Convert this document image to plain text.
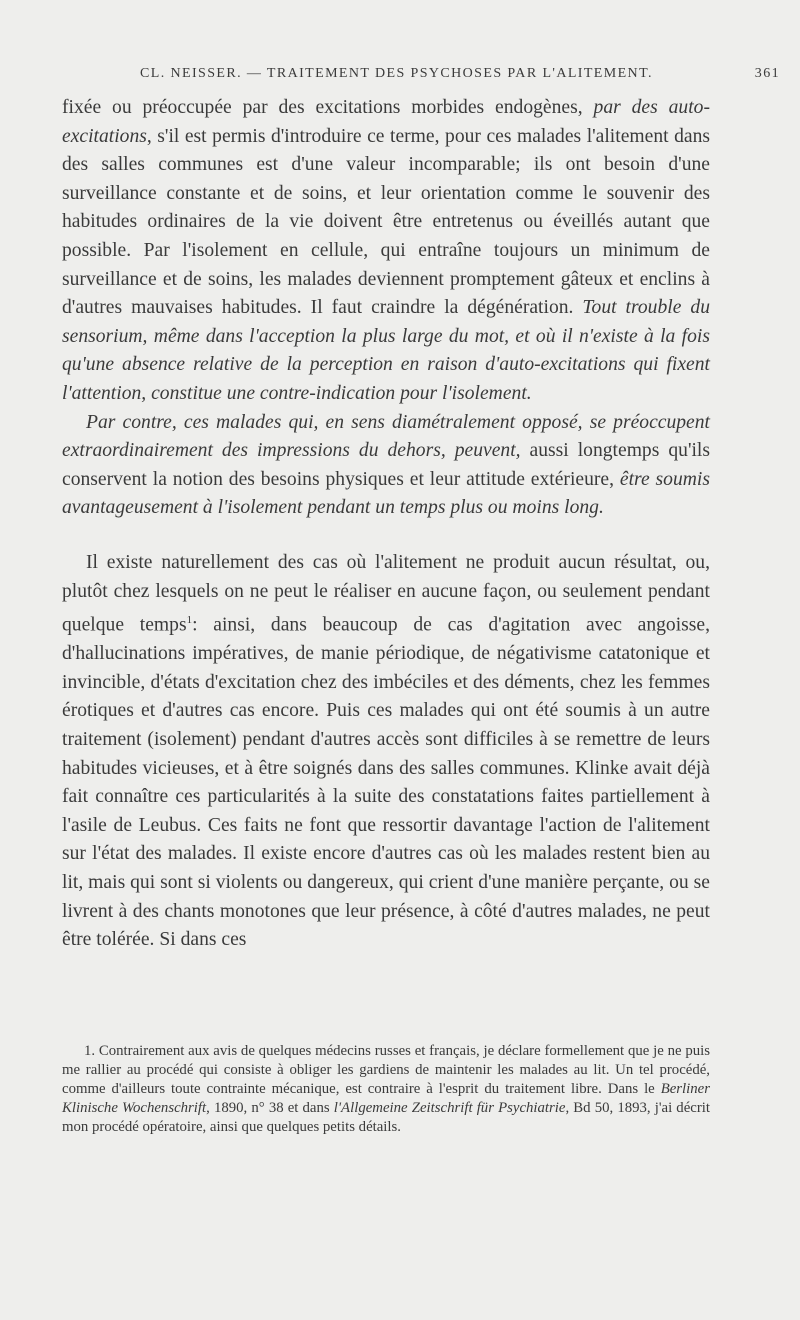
CL. NEISSER. — TRAITEMENT DES PSYCHOSES PAR L'ALITEMENT.	361

fixée ou préoccupée par des excitations morbides endogènes, par des auto-excitations, s'il est permis d'introduire ce terme, pour ces malades l'alitement dans des salles communes est d'une valeur incomparable; ils ont besoin d'une surveillance constante et de soins, et leur orientation comme le souvenir des habitudes ordinaires de la vie doivent être entretenus ou éveillés autant que possible. Par l'isolement en cellule, qui entraîne toujours un minimum de surveillance et de soins, les malades deviennent promptement gâteux et enclins à d'autres mauvaises habitudes. Il faut craindre la dégénération. Tout trouble du sensorium, même dans l'acception la plus large du mot, et où il n'existe à la fois qu'une absence relative de la perception en raison d'auto-excitations qui fixent l'attention, constitue une contre-indication pour l'isolement.

Par contre, ces malades qui, en sens diamétralement opposé, se préoccupent extraordinairement des impressions du dehors, peuvent, aussi longtemps qu'ils conservent la notion des besoins physiques et leur attitude extérieure, être soumis avantageusement à l'isolement pendant un temps plus ou moins long.

Il existe naturellement des cas où l'alitement ne produit aucun résultat, ou, plutôt chez lesquels on ne peut le réaliser en aucune façon, ou seulement pendant quelque temps$^1$: ainsi, dans beaucoup de cas d'agitation avec angoisse, d'hallucinations impératives, de manie périodique, de négativisme catatonique et invincible, d'états d'excitation chez des imbéciles et des déments, chez les femmes érotiques et d'autres cas encore. Puis ces malades qui ont été soumis à un autre traitement (isolement) pendant d'autres accès sont difficiles à se remettre de leurs habitudes vicieuses, et à être soignés dans des salles communes. Klinke avait déjà fait connaître ces particularités à la suite des constatations faites partiellement à l'asile de Leubus. Ces faits ne font que ressortir davantage l'action de l'alitement sur l'état des malades. Il existe encore d'autres cas où les malades restent bien au lit, mais qui sont si violents ou dangereux, qui crient d'une manière perçante, ou se livrent à des chants monotones que leur présence, à côté d'autres malades, ne peut être tolérée. Si dans ces

1. Contrairement aux avis de quelques médecins russes et français, je déclare formellement que je ne puis me rallier au procédé qui consiste à obliger les gardiens de maintenir les malades au lit. Un tel procédé, comme d'ailleurs toute contrainte mécanique, est contraire à l'esprit du traitement libre. Dans le Berliner Klinische Wochenschrift, 1890, n° 38 et dans l'Allgemeine Zeitschrift für Psychiatrie, Bd 50, 1893, j'ai décrit mon procédé opératoire, ainsi que quelques petits détails.
